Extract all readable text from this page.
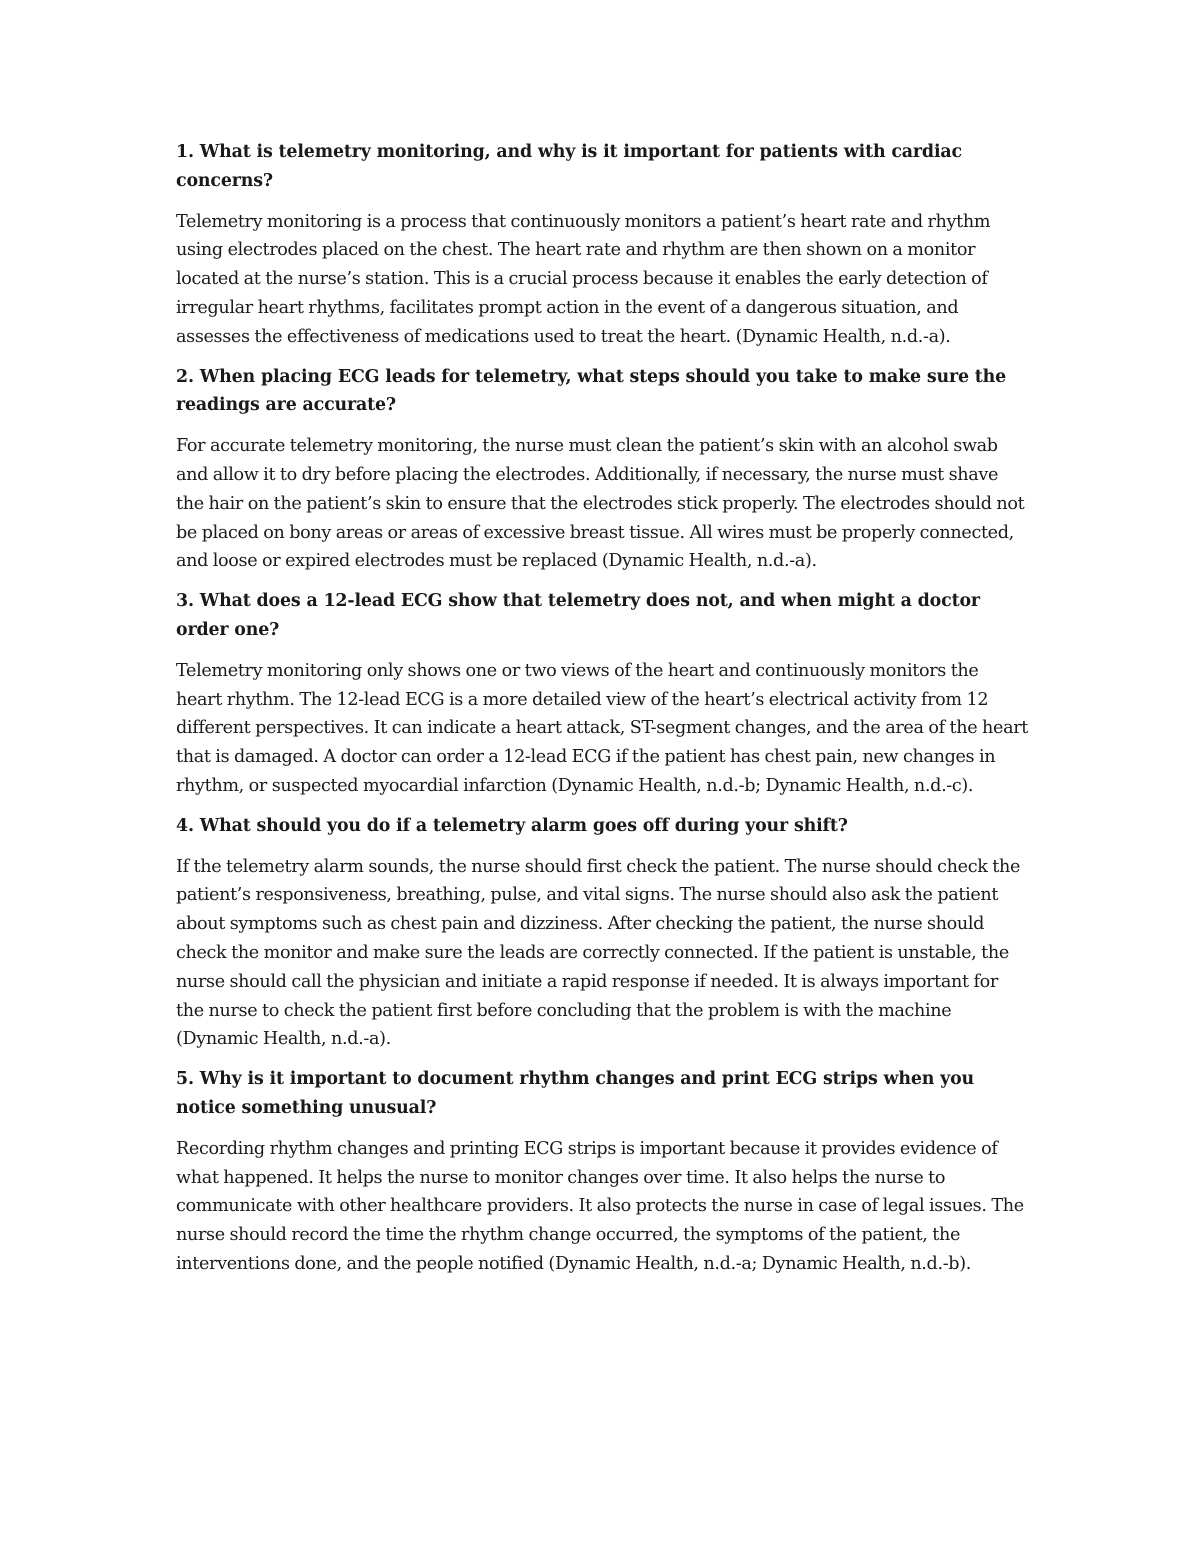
1. What is telemetry monitoring, and why is it important for patients with cardiac concerns?

Telemetry monitoring is a process that continuously monitors a patient’s heart rate and rhythm using electrodes placed on the chest. The heart rate and rhythm are then shown on a monitor located at the nurse’s station. This is a crucial process because it enables the early detection of irregular heart rhythms, facilitates prompt action in the event of a dangerous situation, and assesses the effectiveness of medications used to treat the heart. (Dynamic Health, n.d.-a).

2. When placing ECG leads for telemetry, what steps should you take to make sure the readings are accurate?

For accurate telemetry monitoring, the nurse must clean the patient’s skin with an alcohol swab and allow it to dry before placing the electrodes. Additionally, if necessary, the nurse must shave the hair on the patient’s skin to ensure that the electrodes stick properly. The electrodes should not be placed on bony areas or areas of excessive breast tissue. All wires must be properly connected, and loose or expired electrodes must be replaced (Dynamic Health, n.d.-a).

3. What does a 12-lead ECG show that telemetry does not, and when might a doctor order one?

Telemetry monitoring only shows one or two views of the heart and continuously monitors the heart rhythm. The 12-lead ECG is a more detailed view of the heart’s electrical activity from 12 different perspectives. It can indicate a heart attack, ST-segment changes, and the area of the heart that is damaged. A doctor can order a 12-lead ECG if the patient has chest pain, new changes in rhythm, or suspected myocardial infarction (Dynamic Health, n.d.-b; Dynamic Health, n.d.-c).

4. What should you do if a telemetry alarm goes off during your shift?

If the telemetry alarm sounds, the nurse should first check the patient. The nurse should check the patient’s responsiveness, breathing, pulse, and vital signs. The nurse should also ask the patient about symptoms such as chest pain and dizziness. After checking the patient, the nurse should check the monitor and make sure the leads are correctly connected. If the patient is unstable, the nurse should call the physician and initiate a rapid response if needed. It is always important for the nurse to check the patient first before concluding that the problem is with the machine (Dynamic Health, n.d.-a).

5. Why is it important to document rhythm changes and print ECG strips when you notice something unusual?

Recording rhythm changes and printing ECG strips is important because it provides evidence of what happened. It helps the nurse to monitor changes over time. It also helps the nurse to communicate with other healthcare providers. It also protects the nurse in case of legal issues. The nurse should record the time the rhythm change occurred, the symptoms of the patient, the interventions done, and the people notified (Dynamic Health, n.d.-a; Dynamic Health, n.d.-b).
